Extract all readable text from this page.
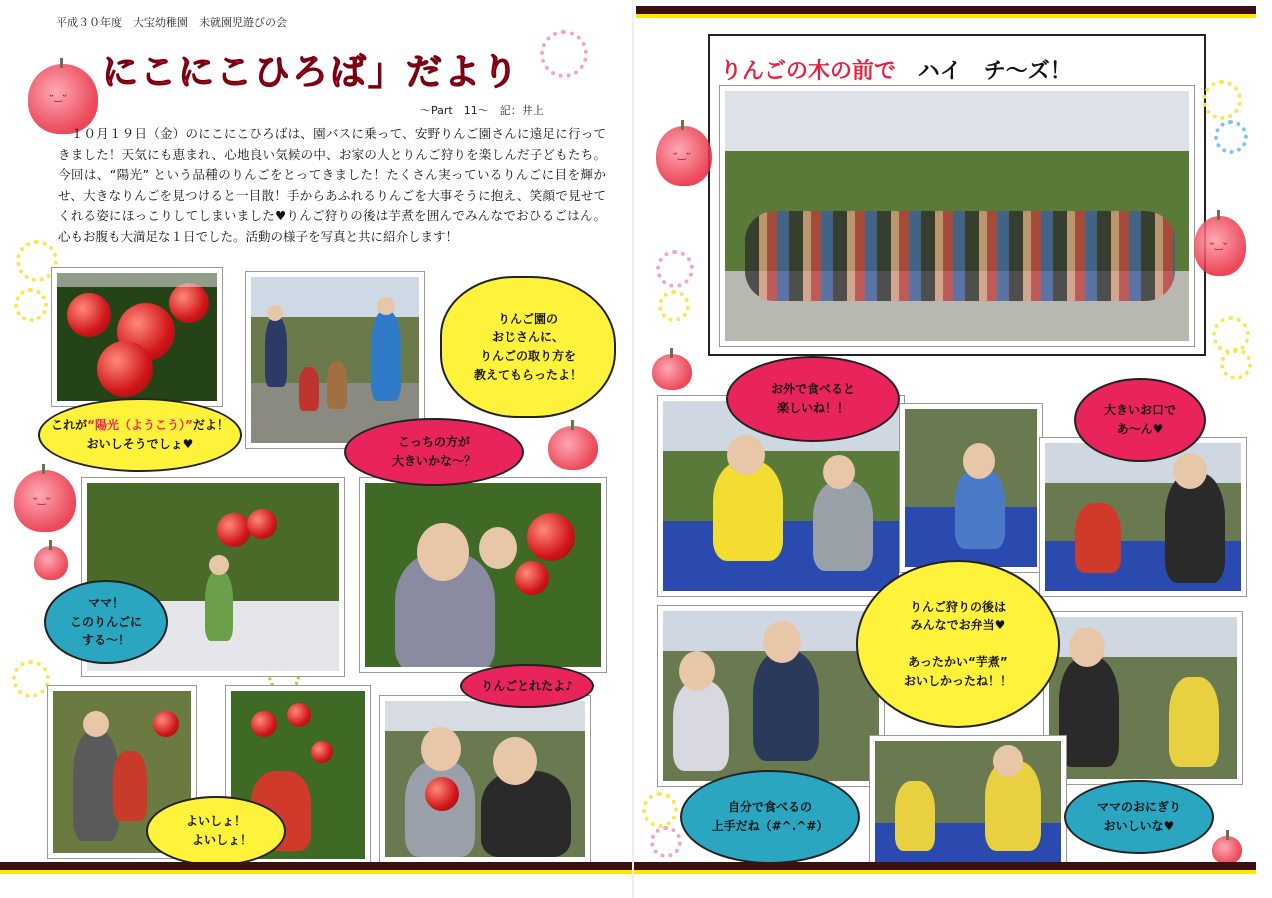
平成３０年度　大宝幼稚園　未就園児遊びの会
ᵕ‿ᵕ
にこにこひろば」だより
～Part　11～　記：井上
　１０月１９日（金）のにこにこひろばは、園バスに乗って、安野りんご園さんに遠足に行ってきました！天気にも恵まれ、心地良い気候の中、お家の人とりんご狩りを楽しんだ子どもたち。今回は、“陽光” という品種のりんごをとってきました！たくさん実っているりんごに目を輝かせ、大きなりんごを見つけると一目散！手からあふれるりんごを大事そうに抱え、笑顔で見せてくれる姿にほっこりしてしまいました♥りんご狩りの後は芋煮を囲んでみんなでおひるごはん。心もお腹も大満足な１日でした。活動の様子を写真と共に紹介します！
ᵕ‿ᵕ
これが“陽光（ようこう）”だよ！
おいしそうでしょ♥
りんご園の
おじさんに、
りんごの取り方を
教えてもらったよ！
こっちの方が
大きいかな～？
ママ！
このりんごに
する～！
りんごとれたよ♪
よいしょ！
　よいしょ！
りんごの木の前で ハイ　チ～ズ！
ᵕ‿ᵕ
ᵕ‿ᵕ
お外で食べると
楽しいね！！	大きいお口で
あ～ん♥
りんご狩りの後は
みんなでお弁当♥

あったかい“芋煮”
おいしかったね！！
自分で食べるの
上手だね（#^.^#）
ママのおにぎり
おいしいな♥
